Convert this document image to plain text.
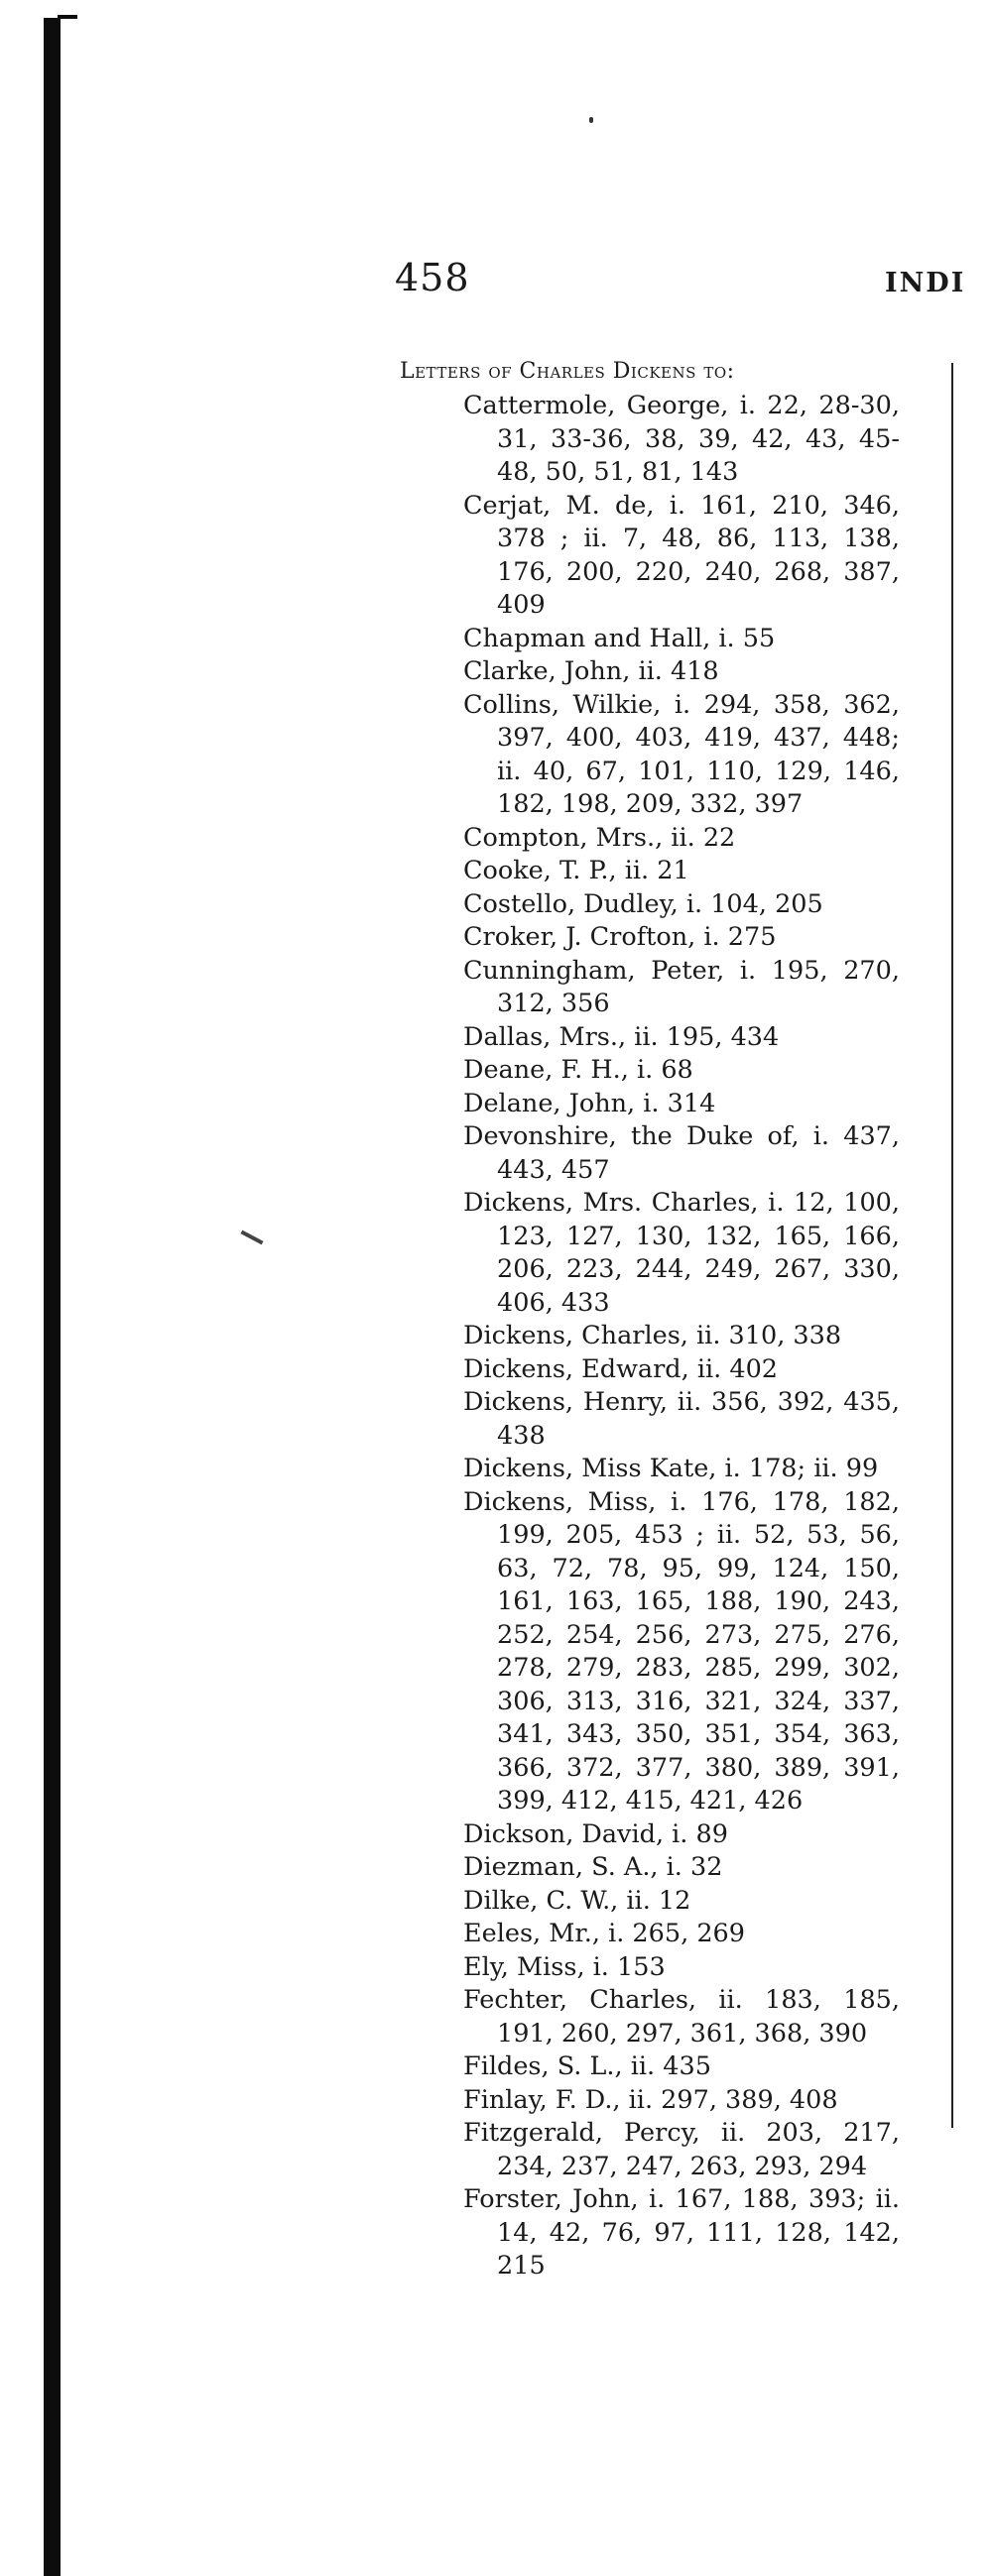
458	INDI
Letters of Charles Dickens to:
Cattermole, George, i. 22, 28-30, 31, 33-36, 38, 39, 42, 43, 45-48, 50, 51, 81, 143
Cerjat, M. de, i. 161, 210, 346, 378 ; ii. 7, 48, 86, 113, 138, 176, 200, 220, 240, 268, 387, 409
Chapman and Hall, i. 55
Clarke, John, ii. 418
Collins, Wilkie, i. 294, 358, 362, 397, 400, 403, 419, 437, 448; ii. 40, 67, 101, 110, 129, 146, 182, 198, 209, 332, 397
Compton, Mrs., ii. 22
Cooke, T. P., ii. 21
Costello, Dudley, i. 104, 205
Croker, J. Crofton, i. 275
Cunningham, Peter, i. 195, 270, 312, 356
Dallas, Mrs., ii. 195, 434
Deane, F. H., i. 68
Delane, John, i. 314
Devonshire, the Duke of, i. 437, 443, 457
Dickens, Mrs. Charles, i. 12, 100, 123, 127, 130, 132, 165, 166, 206, 223, 244, 249, 267, 330, 406, 433
Dickens, Charles, ii. 310, 338
Dickens, Edward, ii. 402
Dickens, Henry, ii. 356, 392, 435, 438
Dickens, Miss Kate, i. 178; ii. 99
Dickens, Miss, i. 176, 178, 182, 199, 205, 453 ; ii. 52, 53, 56, 63, 72, 78, 95, 99, 124, 150, 161, 163, 165, 188, 190, 243, 252, 254, 256, 273, 275, 276, 278, 279, 283, 285, 299, 302, 306, 313, 316, 321, 324, 337, 341, 343, 350, 351, 354, 363, 366, 372, 377, 380, 389, 391, 399, 412, 415, 421, 426
Dickson, David, i. 89
Diezman, S. A., i. 32
Dilke, C. W., ii. 12
Eeles, Mr., i. 265, 269
Ely, Miss, i. 153
Fechter, Charles, ii. 183, 185, 191, 260, 297, 361, 368, 390
Fildes, S. L., ii. 435
Finlay, F. D., ii. 297, 389, 408
Fitzgerald, Percy, ii. 203, 217, 234, 237, 247, 263, 293, 294
Forster, John, i. 167, 188, 393; ii. 14, 42, 76, 97, 111, 128, 142, 215
